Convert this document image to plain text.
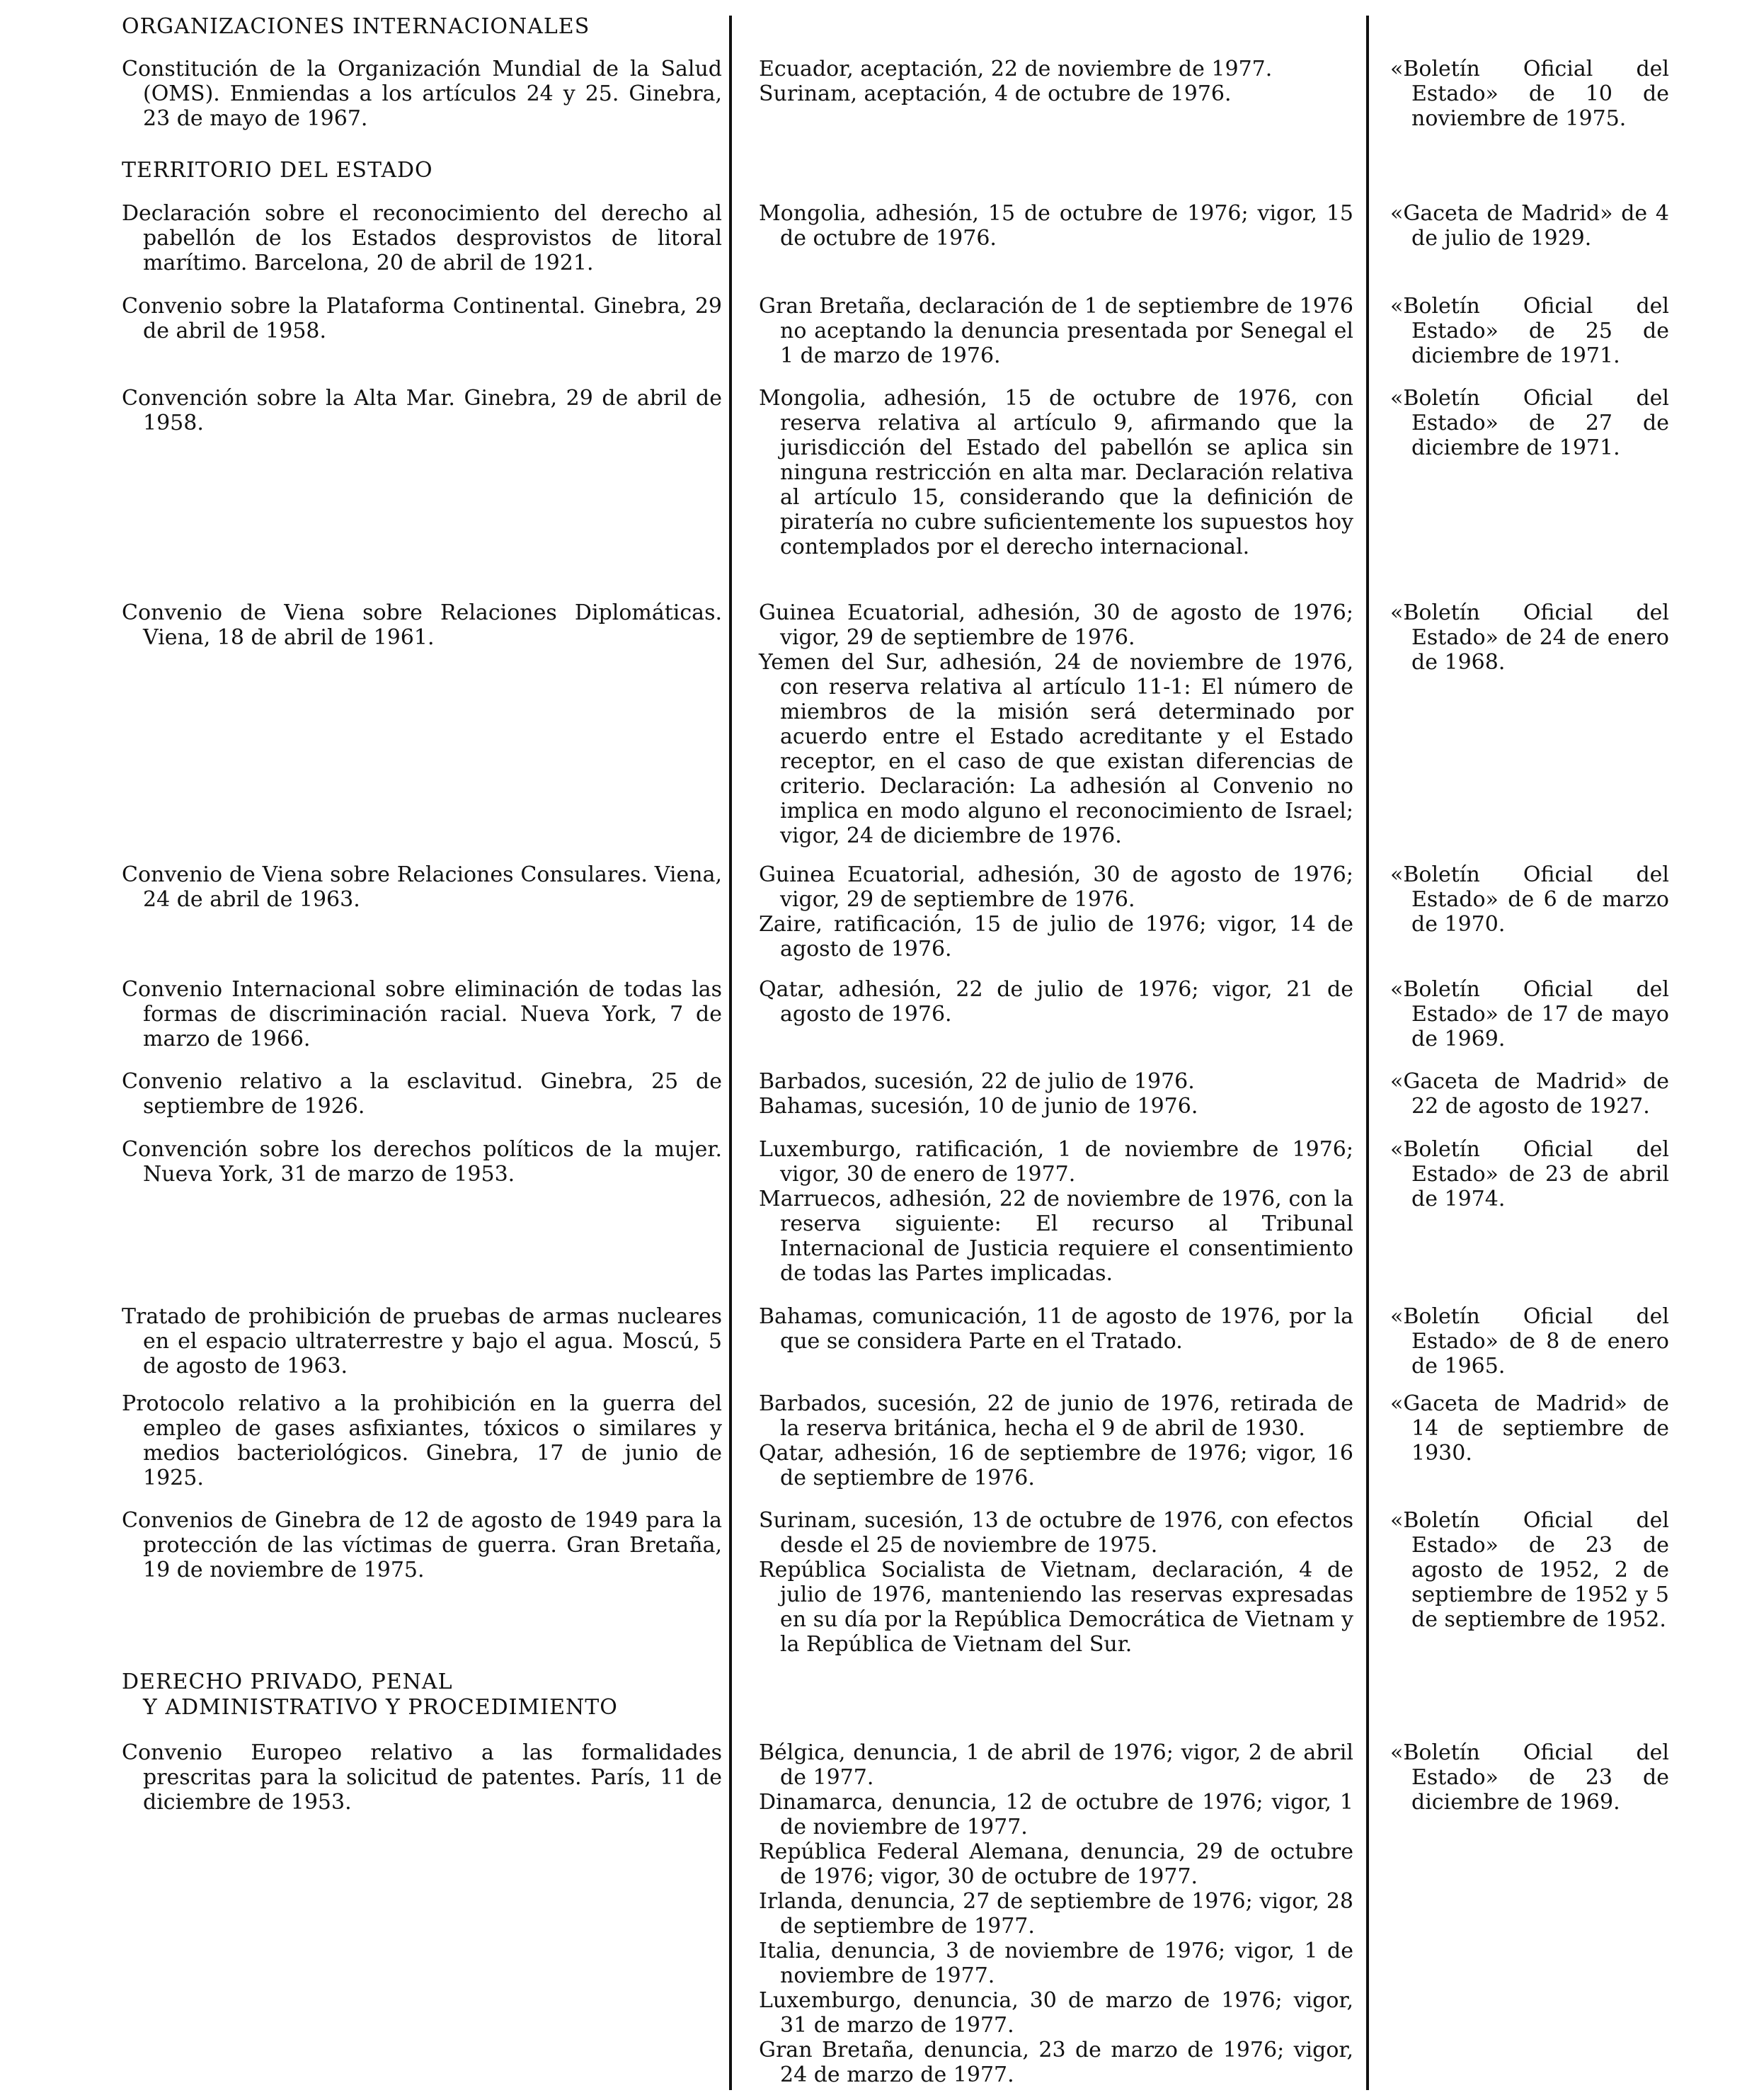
ORGANIZACIONES INTERNACIONALES
TERRITORIO DEL ESTADO
DERECHO PRIVADO, PENAL
Y ADMINISTRATIVO Y PROCEDIMIENTO

Constitución de la Organización Mundial de la Salud (OMS). Enmiendas a los artículos 24 y 25. Ginebra, 23 de mayo de 1967.

Declaración sobre el reconocimiento del derecho al pabellón de los Estados desprovistos de litoral marítimo. Barcelona, 20 de abril de 1921.

Convenio sobre la Plataforma Continental. Ginebra, 29 de abril de 1958.

Convención sobre la Alta Mar. Ginebra, 29 de abril de 1958.

Convenio de Viena sobre Relaciones Diplomáticas. Viena, 18 de abril de 1961.

Convenio de Viena sobre Relaciones Consulares. Viena, 24 de abril de 1963.

Convenio Internacional sobre eliminación de todas las formas de discriminación racial. Nueva York, 7 de marzo de 1966.

Convenio relativo a la esclavitud. Ginebra, 25 de septiembre de 1926.

Convención sobre los derechos políticos de la mujer. Nueva York, 31 de marzo de 1953.

Tratado de prohibición de pruebas de armas nucleares en el espacio ultraterrestre y bajo el agua. Moscú, 5 de agosto de 1963.

Protocolo relativo a la prohibición en la guerra del empleo de gases asfixiantes, tóxicos o similares y medios bacteriológicos. Ginebra, 17 de junio de 1925.

Convenios de Ginebra de 12 de agosto de 1949 para la protección de las víctimas de guerra. Gran Bretaña, 19 de noviembre de 1975.

Convenio Europeo relativo a las formalidades prescritas para la solicitud de patentes. París, 11 de diciembre de 1953.

Ecuador, aceptación, 22 de noviembre de 1977.

Surinam, aceptación, 4 de octubre de 1976.

Mongolia, adhesión, 15 de octubre de 1976; vigor, 15 de octubre de 1976.

Gran Bretaña, declaración de 1 de septiembre de 1976 no aceptando la denuncia presentada por Senegal el 1 de marzo de 1976.

Mongolia, adhesión, 15 de octubre de 1976, con reserva relativa al artículo 9, afirmando que la jurisdicción del Estado del pabellón se aplica sin ninguna restricción en alta mar. Declaración relativa al artículo 15, considerando que la definición de piratería no cubre suficientemente los supuestos hoy contemplados por el derecho internacional.

Guinea Ecuatorial, adhesión, 30 de agosto de 1976; vigor, 29 de septiembre de 1976.

Yemen del Sur, adhesión, 24 de noviembre de 1976, con reserva relativa al artículo 11-1: El número de miembros de la misión será determinado por acuerdo entre el Estado acreditante y el Estado receptor, en el caso de que existan diferencias de criterio. Declaración: La adhesión al Convenio no implica en modo alguno el reconocimiento de Israel; vigor, 24 de diciembre de 1976.

Guinea Ecuatorial, adhesión, 30 de agosto de 1976; vigor, 29 de septiembre de 1976.

Zaire, ratificación, 15 de julio de 1976; vigor, 14 de agosto de 1976.

Qatar, adhesión, 22 de julio de 1976; vigor, 21 de agosto de 1976.

Barbados, sucesión, 22 de julio de 1976.

Bahamas, sucesión, 10 de junio de 1976.

Luxemburgo, ratificación, 1 de noviembre de 1976; vigor, 30 de enero de 1977.

Marruecos, adhesión, 22 de noviembre de 1976, con la reserva siguiente: El recurso al Tribunal Internacional de Justicia requiere el consentimiento de todas las Partes implicadas.

Bahamas, comunicación, 11 de agosto de 1976, por la que se considera Parte en el Tratado.

Barbados, sucesión, 22 de junio de 1976, retirada de la reserva británica, hecha el 9 de abril de 1930.

Qatar, adhesión, 16 de septiembre de 1976; vigor, 16 de septiembre de 1976.

Surinam, sucesión, 13 de octubre de 1976, con efectos desde el 25 de noviembre de 1975.

República Socialista de Vietnam, declaración, 4 de julio de 1976, manteniendo las reservas expresadas en su día por la República Democrática de Vietnam y la República de Vietnam del Sur.

Bélgica, denuncia, 1 de abril de 1976; vigor, 2 de abril de 1977.

Dinamarca, denuncia, 12 de octubre de 1976; vigor, 1 de noviembre de 1977.

República Federal Alemana, denuncia, 29 de octubre de 1976; vigor, 30 de octubre de 1977.

Irlanda, denuncia, 27 de septiembre de 1976; vigor, 28 de septiembre de 1977.

Italia, denuncia, 3 de noviembre de 1976; vigor, 1 de noviembre de 1977.

Luxemburgo, denuncia, 30 de marzo de 1976; vigor, 31 de marzo de 1977.

Gran Bretaña, denuncia, 23 de marzo de 1976; vigor, 24 de marzo de 1977.

«Boletín Oficial del Estado» de 10 de noviembre de 1975.

«Gaceta de Madrid» de 4 de julio de 1929.

«Boletín Oficial del Estado» de 25 de diciembre de 1971.

«Boletín Oficial del Estado» de 27 de diciembre de 1971.

«Boletín Oficial del Estado» de 24 de enero de 1968.

«Boletín Oficial del Estado» de 6 de marzo de 1970.

«Boletín Oficial del Estado» de 17 de mayo de 1969.

«Gaceta de Madrid» de 22 de agosto de 1927.

«Boletín Oficial del Estado» de 23 de abril de 1974.

«Boletín Oficial del Estado» de 8 de enero de 1965.

«Gaceta de Madrid» de 14 de septiembre de 1930.

«Boletín Oficial del Estado» de 23 de agosto de 1952, 2 de septiembre de 1952 y 5 de septiembre de 1952.

«Boletín Oficial del Estado» de 23 de diciembre de 1969.
